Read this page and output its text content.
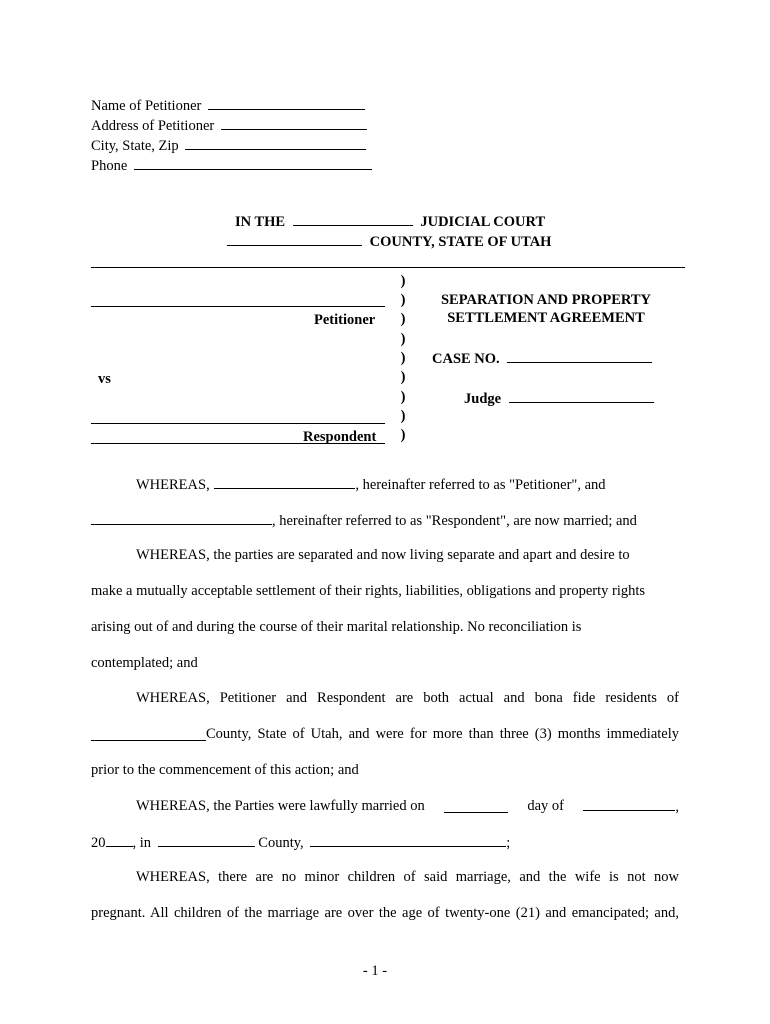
Name of Petitioner
Address of Petitioner
City, State, Zip
Phone
IN THE	JUDICIAL COURT
COUNTY, STATE OF UTAH
Petitioner
vs
Respondent
)
)
)
)
)
)
)
)
)
SEPARATION AND PROPERTY
SETTLEMENT AGREEMENT
CASE NO.
Judge
WHEREAS,	, hereinafter referred to as "Petitioner", and
, hereinafter referred to as "Respondent", are now married; and
WHEREAS, the parties are separated and now living separate and apart and desire to
make a mutually acceptable settlement of their rights, liabilities, obligations and property rights
arising out of and during the course of their marital relationship. No reconciliation is
contemplated; and
WHEREAS, Petitioner and Respondent are both actual and bona fide residents of
County, State of Utah, and were for more than three (3) months immediately
prior to the commencement of this action; and
WHEREAS, the Parties were lawfully married on	day of	,
20 , in	County,	;
WHEREAS, there are no minor children of said marriage, and the wife is not now
pregnant. All children of the marriage are over the age of twenty-one (21) and emancipated; and,
- 1 -
